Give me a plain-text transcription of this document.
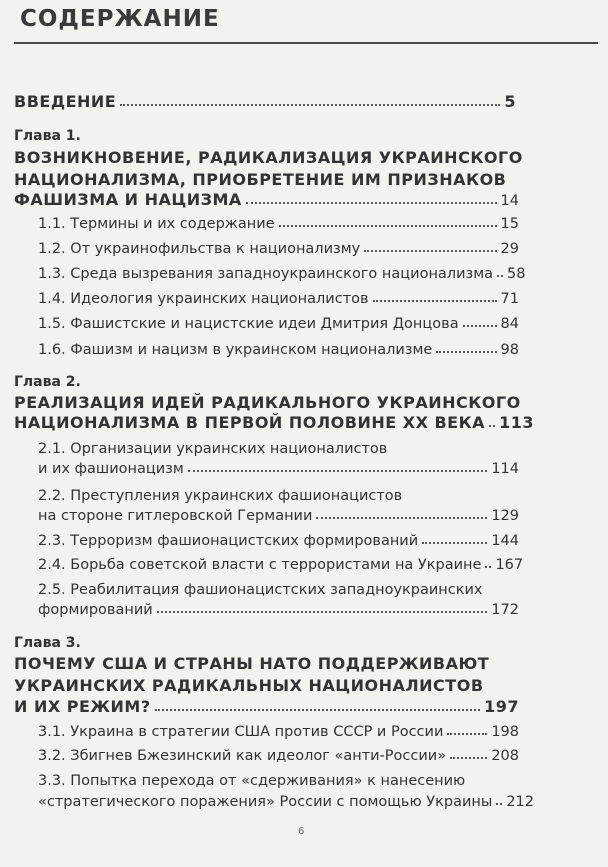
СОДЕРЖАНИЕ
ВВЕДЕНИЕ	5
Глава 1.
ВОЗНИКНОВЕНИЕ, РАДИКАЛИЗАЦИЯ УКРАИНСКОГО
НАЦИОНАЛИЗМА, ПРИОБРЕТЕНИЕ ИМ ПРИЗНАКОВ
ФАШИЗМА И НАЦИЗМА	14
1.1. Термины и их содержание	15
1.2. От украинофильства к национализму	29
1.3. Среда вызревания западноукраинского национализма 58
1.4. Идеология украинских националистов	71
1.5. Фашистские и нацистские идеи Дмитрия Донцова	84
1.6. Фашизм и нацизм в украинском национализме	98
Глава 2.
РЕАЛИЗАЦИЯ ИДЕЙ РАДИКАЛЬНОГО УКРАИНСКОГО
НАЦИОНАЛИЗМА В ПЕРВОЙ ПОЛОВИНЕ XX ВЕКА 113
2.1. Организации украинских националистов
и их фашионацизм	114
2.2. Преступления украинских фашионацистов
на стороне гитлеровской Германии	129
2.3. Терроризм фашионацистских формирований	144
2.4. Борьба советской власти с террористами на Украине 167
2.5. Реабилитация фашионацистских западноукраинских
формирований	172
Глава 3.
ПОЧЕМУ США И СТРАНЫ НАТО ПОДДЕРЖИВАЮТ
УКРАИНСКИХ РАДИКАЛЬНЫХ НАЦИОНАЛИСТОВ
И ИХ РЕЖИМ?	197
3.1. Украина в стратегии США против СССР и России	198
3.2. Збигнев Бжезинский как идеолог «анти-России»	208
3.3. Попытка перехода от «сдерживания» к нанесению
«стратегического поражения» России с помощью Украины 212
6
